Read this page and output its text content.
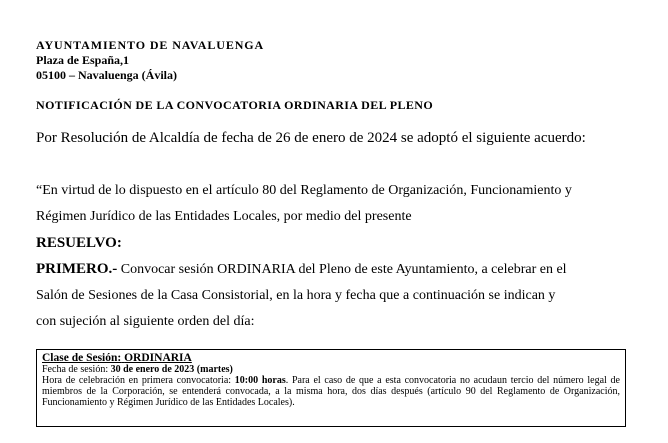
AYUNTAMIENTO DE NAVALUENGA
Plaza de España,1
05100 – Navaluenga (Ávila)
NOTIFICACIÓN DE LA CONVOCATORIA ORDINARIA DEL PLENO
Por Resolución de Alcaldía de fecha de 26 de enero de 2024 se adoptó el siguiente acuerdo:

“En virtud de lo dispuesto en el artículo 80 del Reglamento de Organización, Funcionamiento y

Régimen Jurídico de las Entidades Locales, por medio del presente

RESUELVO:

PRIMERO.- Convocar sesión ORDINARIA del Pleno de este Ayuntamiento, a celebrar en el

Salón de Sesiones de la Casa Consistorial, en la hora y fecha que a continuación se indican y

con sujeción al siguiente orden del día:

Clase de Sesión: ORDINARIA
Fecha de sesión: 30 de enero de 2023 (martes)
Hora de celebración en primera convocatoria: 10:00 horas. Para el caso de que a esta convocatoria no acudaun tercio del número legal de miembros de la Corporación, se entenderá convocada, a la misma hora, dos días después (artículo 90 del Reglamento de Organización, Funcionamiento y Régimen Jurídico de las Entidades Locales).
